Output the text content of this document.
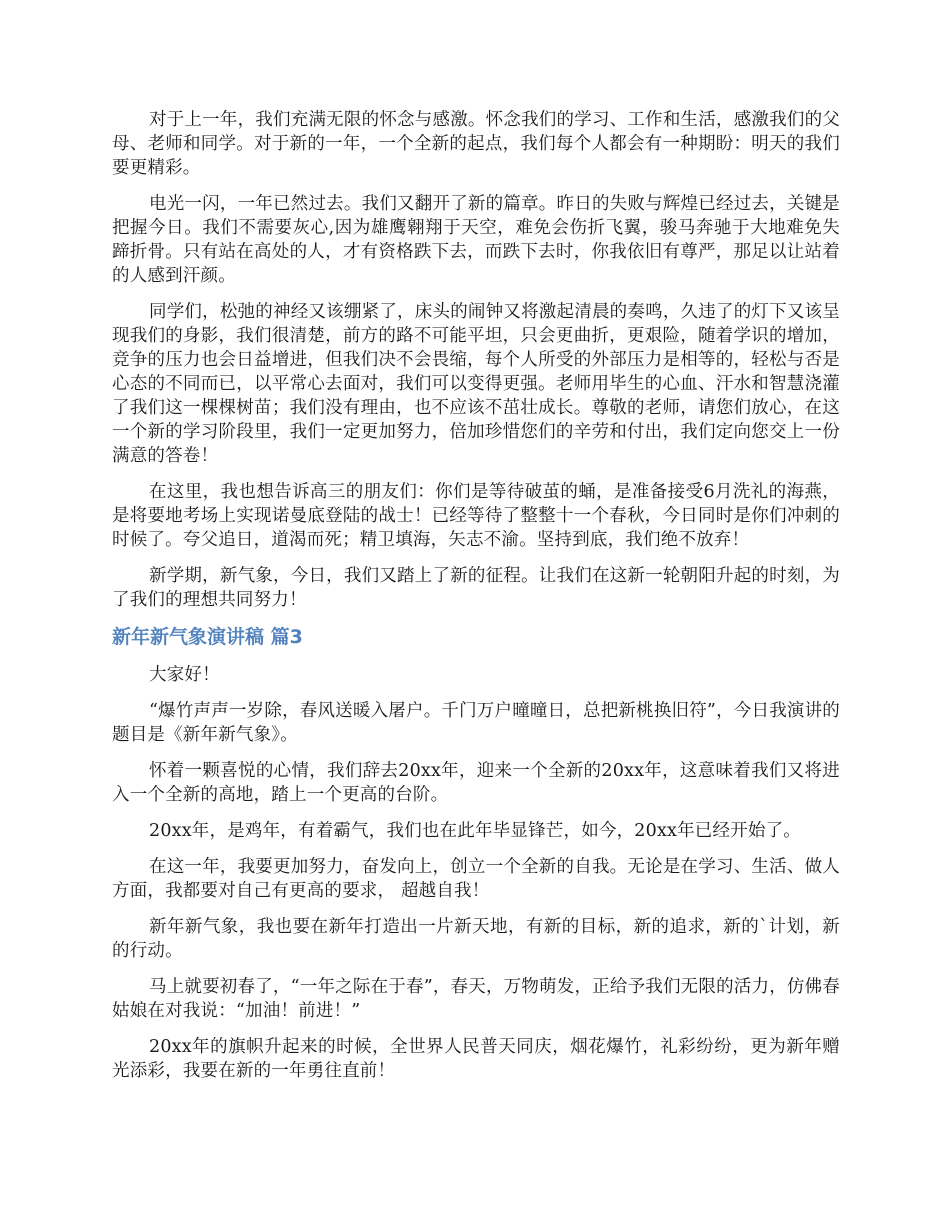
对于上一年，我们充满无限的怀念与感激。怀念我们的学习、工作和生活，感激我们的父母、老师和同学。对于新的一年，一个全新的起点，我们每个人都会有一种期盼：明天的我们要更精彩。

电光一闪，一年已然过去。我们又翻开了新的篇章。昨日的失败与辉煌已经过去，关键是把握今日。我们不需要灰心,因为雄鹰翱翔于天空，难免会伤折飞翼，骏马奔驰于大地难免失蹄折骨。只有站在高处的人，才有资格跌下去，而跌下去时，你我依旧有尊严，那足以让站着的人感到汗颜。

同学们，松弛的神经又该绷紧了，床头的闹钟又将激起清晨的奏鸣，久违了的灯下又该呈现我们的身影，我们很清楚，前方的路不可能平坦，只会更曲折，更艰险，随着学识的增加，竞争的压力也会日益增进，但我们决不会畏缩，每个人所受的外部压力是相等的，轻松与否是心态的不同而已，以平常心去面对，我们可以变得更强。老师用毕生的心血、汗水和智慧浇灌了我们这一棵棵树苗；我们没有理由，也不应该不茁壮成长。尊敬的老师，请您们放心，在这一个新的学习阶段里，我们一定更加努力，倍加珍惜您们的辛劳和付出，我们定向您交上一份满意的答卷！

在这里，我也想告诉高三的朋友们：你们是等待破茧的蛹，是准备接受6月洗礼的海燕，是将要地考场上实现诺曼底登陆的战士！已经等待了整整十一个春秋，今日同时是你们冲刺的时候了。夸父追日，道渴而死；精卫填海，矢志不渝。坚持到底，我们绝不放弃！

新学期，新气象，今日，我们又踏上了新的征程。让我们在这新一轮朝阳升起的时刻，为了我们的理想共同努力！

新年新气象演讲稿 篇3

大家好！

“爆竹声声一岁除，春风送暖入屠户。千门万户曈曈日，总把新桃换旧符”，今日我演讲的题目是《新年新气象》。

怀着一颗喜悦的心情，我们辞去20xx年，迎来一个全新的20xx年，这意味着我们又将进入一个全新的高地，踏上一个更高的台阶。

20xx年，是鸡年，有着霸气，我们也在此年毕显锋芒，如今，20xx年已经开始了。

在这一年，我要更加努力，奋发向上，创立一个全新的自我。无论是在学习、生活、做人方面，我都要对自己有更高的要求， 超越自我！

新年新气象，我也要在新年打造出一片新天地，有新的目标，新的追求，新的`计划，新的行动。

马上就要初春了，“一年之际在于春”，春天，万物萌发，正给予我们无限的活力，仿佛春姑娘在对我说：“加油！前进！”

20xx年的旗帜升起来的时候，全世界人民普天同庆，烟花爆竹，礼彩纷纷，更为新年赠光添彩，我要在新的一年勇往直前！
